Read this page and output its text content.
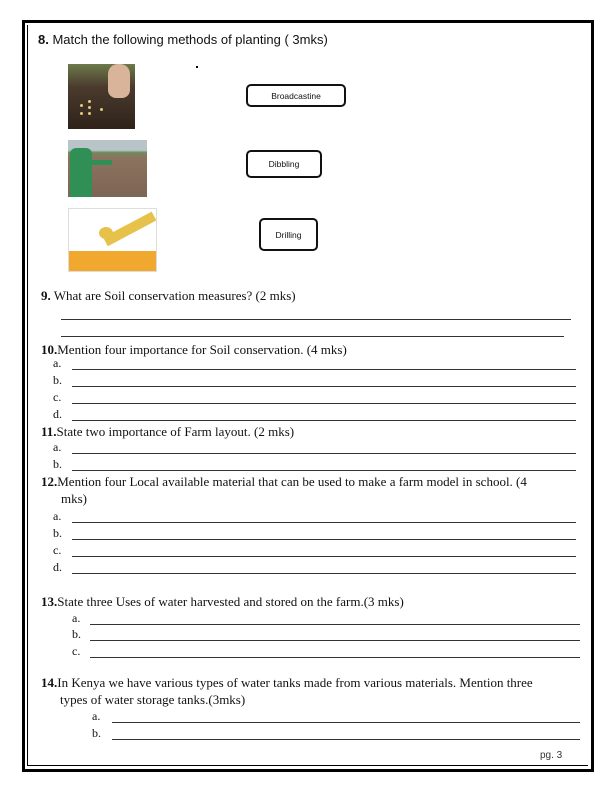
8. Match the following methods of planting ( 3mks)
Broadcastine
Dibbling
Drilling
9. What are Soil conservation measures? (2 mks)
10.Mention four importance for Soil conservation. (4 mks)
a.
b.
c.
d.
11.State two importance of Farm layout. (2 mks)
a.
b.
12.Mention four Local available material that can be used to make a farm model in school. (4
mks)
a.
b.
c.
d.
13.State three Uses of water harvested and stored on the farm.(3 mks)
a.
b.
c.
14.In Kenya we have various types of water tanks made from various materials. Mention three
types of water storage tanks.(3mks)
a.
b.
pg. 3
